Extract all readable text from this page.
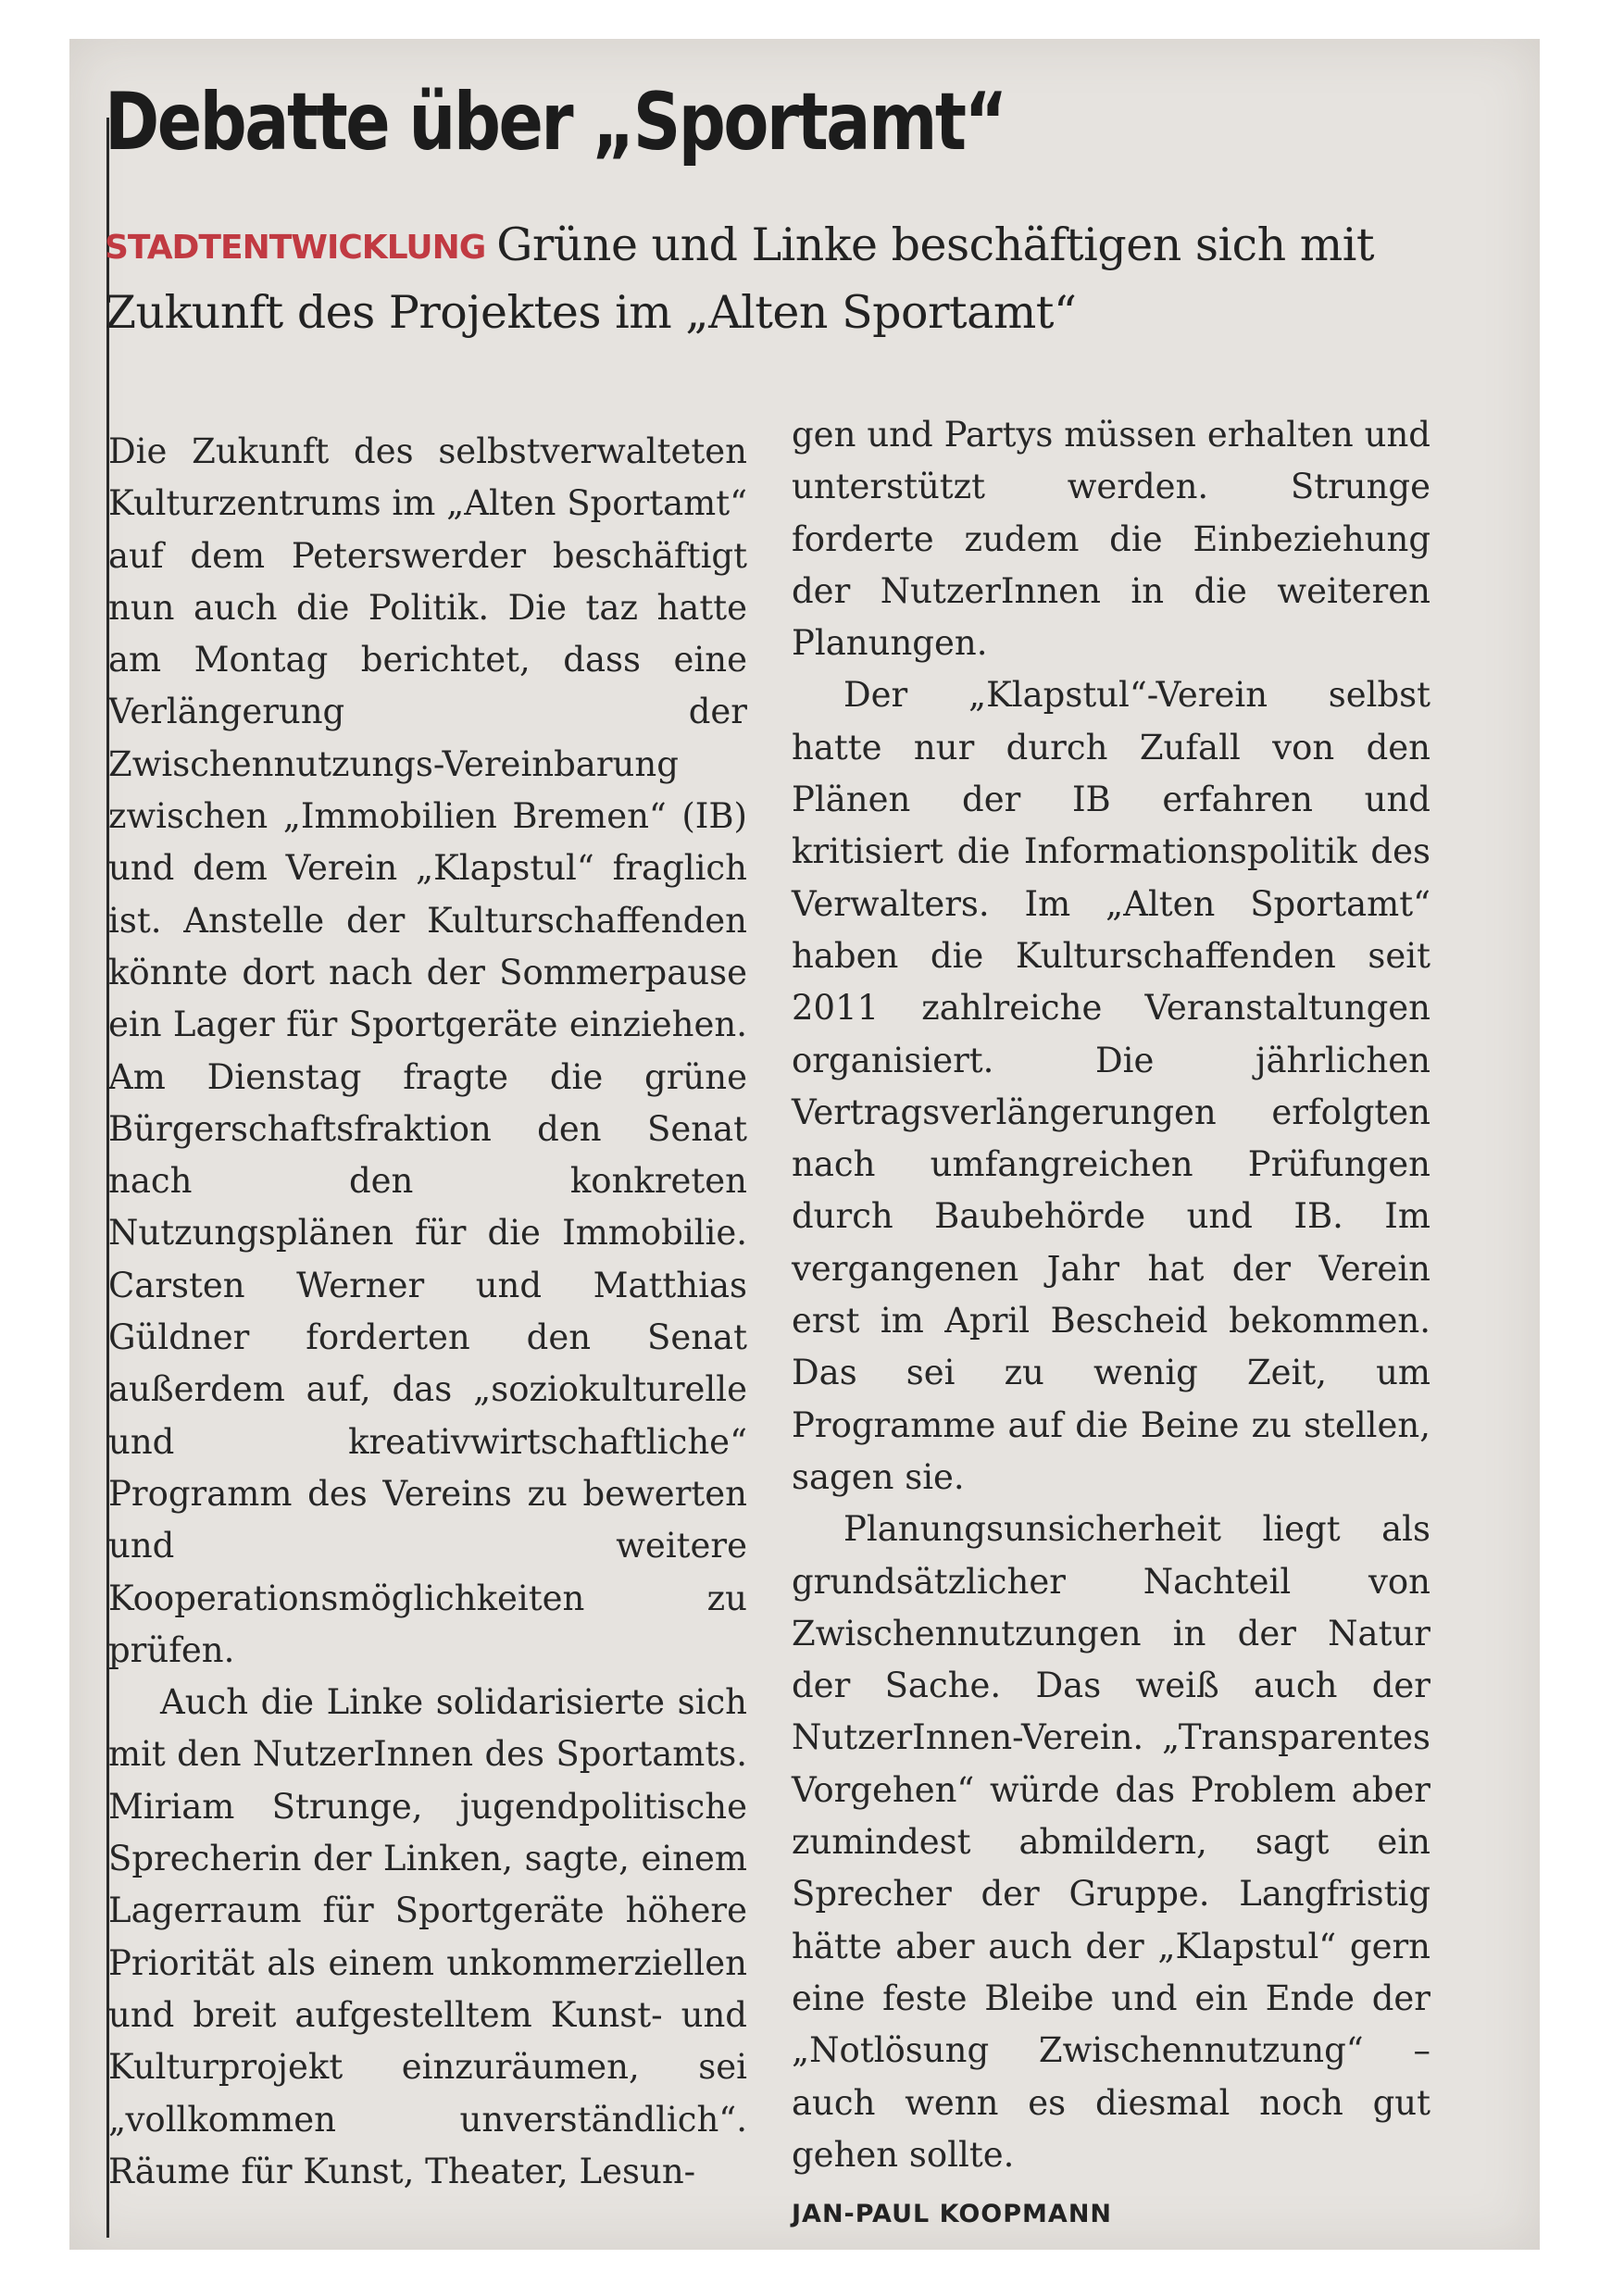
Debatte über „Sportamt“

STADTENTWICKLUNG Grüne und Linke beschäftigen sich mit Zukunft des Projektes im „Alten Sportamt“

Die Zukunft des selbstverwalteten Kulturzentrums im „Alten Sportamt“ auf dem Peterswerder beschäftigt nun auch die Politik. Die taz hatte am Montag berichtet, dass eine Verlängerung der Zwischennutzungs-Vereinbarung zwischen „Immobilien Bremen“ (IB) und dem Verein „Klapstul“ fraglich ist. Anstelle der Kulturschaffenden könnte dort nach der Sommerpause ein Lager für Sportgeräte einziehen. Am Dienstag fragte die grüne Bürgerschaftsfraktion den Senat nach den konkreten Nutzungsplänen für die Immobilie. Carsten Werner und Matthias Güldner forderten den Senat außerdem auf, das „soziokulturelle und kreativwirtschaftliche“ Programm des Vereins zu bewerten und weitere Kooperationsmöglichkeiten zu prüfen.

Auch die Linke solidarisierte sich mit den NutzerInnen des Sportamts. Miriam Strunge, jugendpolitische Sprecherin der Linken, sagte, einem Lagerraum für Sportgeräte höhere Priorität als einem unkommerziellen und breit aufgestelltem Kunst- und Kulturprojekt einzuräumen, sei „vollkommen unverständlich“. Räume für Kunst, Theater, Lesun-

gen und Partys müssen erhalten und unterstützt werden. Strunge forderte zudem die Einbeziehung der NutzerInnen in die weiteren Planungen.

Der „Klapstul“-Verein selbst hatte nur durch Zufall von den Plänen der IB erfahren und kritisiert die Informationspolitik des Verwalters. Im „Alten Sportamt“ haben die Kulturschaffenden seit 2011 zahlreiche Veranstaltungen organisiert. Die jährlichen Vertragsverlängerungen erfolgten nach umfangreichen Prüfungen durch Baubehörde und IB. Im vergangenen Jahr hat der Verein erst im April Bescheid bekommen. Das sei zu wenig Zeit, um Programme auf die Beine zu stellen, sagen sie.

Planungsunsicherheit liegt als grundsätzlicher Nachteil von Zwischennutzungen in der Natur der Sache. Das weiß auch der NutzerInnen-Verein. „Transparentes Vorgehen“ würde das Problem aber zumindest abmildern, sagt ein Sprecher der Gruppe. Langfristig hätte aber auch der „Klapstul“ gern eine feste Bleibe und ein Ende der „Notlösung Zwischennutzung“ – auch wenn es diesmal noch gut gehen sollte.

JAN-PAUL KOOPMANN
